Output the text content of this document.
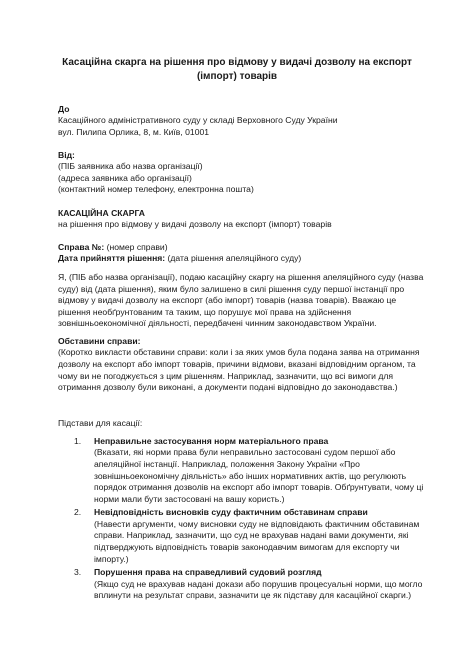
Касаційна скарга на рішення про відмову у видачі дозволу на експорт
(імпорт) товарів
До
Касаційного адміністративного суду у складі Верховного Суду України
вул. Пилипа Орлика, 8, м. Київ, 01001
Від:
(ПІБ заявника або назва організації)
(адреса заявника або організації)
(контактний номер телефону, електронна пошта)
КАСАЦІЙНА СКАРГА
на рішення про відмову у видачі дозволу на експорт (імпорт) товарів
Справа №: (номер справи)
Дата прийняття рішення: (дата рішення апеляційного суду)
Я, (ПІБ або назва організації), подаю касаційну скаргу на рішення апеляційного суду (назва суду) від (дата рішення), яким було залишено в силі рішення суду першої інстанції про відмову у видачі дозволу на експорт (або імпорт) товарів (назва товарів). Вважаю це рішення необґрунтованим та таким, що порушує мої права на здійснення зовнішньоекономічної діяльності, передбачені чинним законодавством України.
Обставини справи:
(Коротко викласти обставини справи: коли і за яких умов була подана заява на отримання дозволу на експорт або імпорт товарів, причини відмови, вказані відповідним органом, та чому ви не погоджується з цим рішенням. Наприклад, зазначити, що всі вимоги для отримання дозволу були виконані, а документи подані відповідно до законодавства.)
Підстави для касації:
1. Неправильне застосування норм матеріального права
(Вказати, які норми права були неправильно застосовані судом першої або апеляційної інстанції. Наприклад, положення Закону України «Про зовнішньоекономічну діяльність» або інших нормативних актів, що регулюють порядок отримання дозволів на експорт або імпорт товарів. Обґрунтувати, чому ці норми мали бути застосовані на вашу користь.)
2. Невідповідність висновків суду фактичним обставинам справи
(Навести аргументи, чому висновки суду не відповідають фактичним обставинам справи. Наприклад, зазначити, що суд не врахував надані вами документи, які підтверджують відповідність товарів законодавчим вимогам для експорту чи імпорту.)
3. Порушення права на справедливий судовий розгляд
(Якщо суд не врахував надані докази або порушив процесуальні норми, що могло вплинути на результат справи, зазначити це як підставу для касаційної скарги.)
